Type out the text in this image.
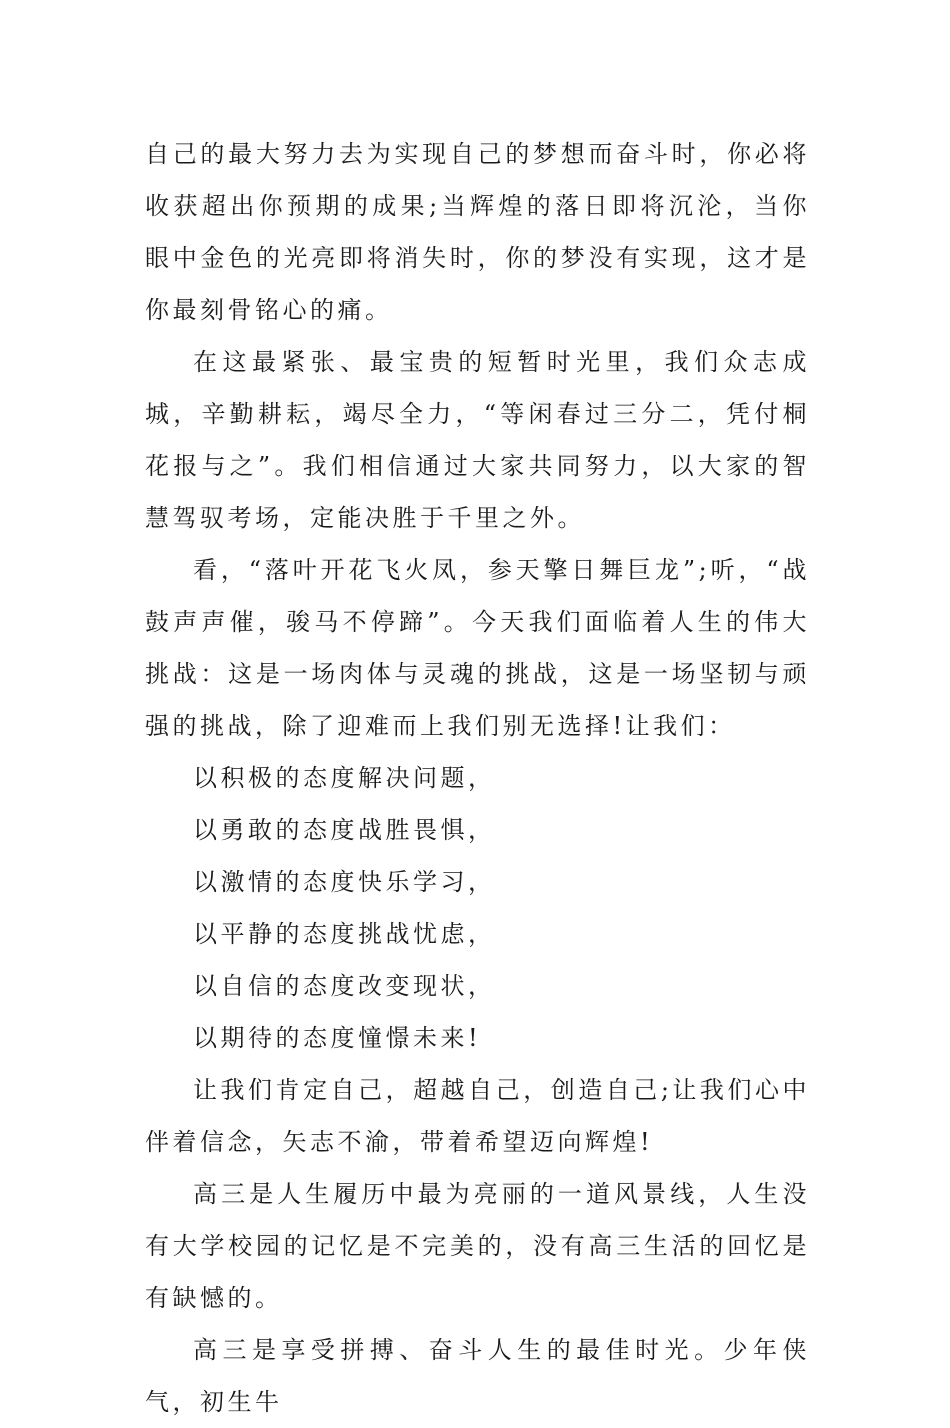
自己的最大努力去为实现自己的梦想而奋斗时，你必将收获超出你预期的成果;当辉煌的落日即将沉沦，当你眼中金色的光亮即将消失时，你的梦没有实现，这才是你最刻骨铭心的痛。

在这最紧张、最宝贵的短暂时光里，我们众志成城，辛勤耕耘，竭尽全力，“等闲春过三分二，凭付桐花报与之”。我们相信通过大家共同努力，以大家的智慧驾驭考场，定能决胜于千里之外。

看，“落叶开花飞火凤，参天擎日舞巨龙”;听，“战鼓声声催，骏马不停蹄”。今天我们面临着人生的伟大挑战：这是一场肉体与灵魂的挑战，这是一场坚韧与顽强的挑战，除了迎难而上我们别无选择!让我们：

以积极的态度解决问题，

以勇敢的态度战胜畏惧，

以激情的态度快乐学习，

以平静的态度挑战忧虑，

以自信的态度改变现状，

以期待的态度憧憬未来!

让我们肯定自己，超越自己，创造自己;让我们心中伴着信念，矢志不渝，带着希望迈向辉煌!

高三是人生履历中最为亮丽的一道风景线，人生没有大学校园的记忆是不完美的，没有高三生活的回忆是有缺憾的。

高三是享受拼搏、奋斗人生的最佳时光。少年侠气，初生牛
